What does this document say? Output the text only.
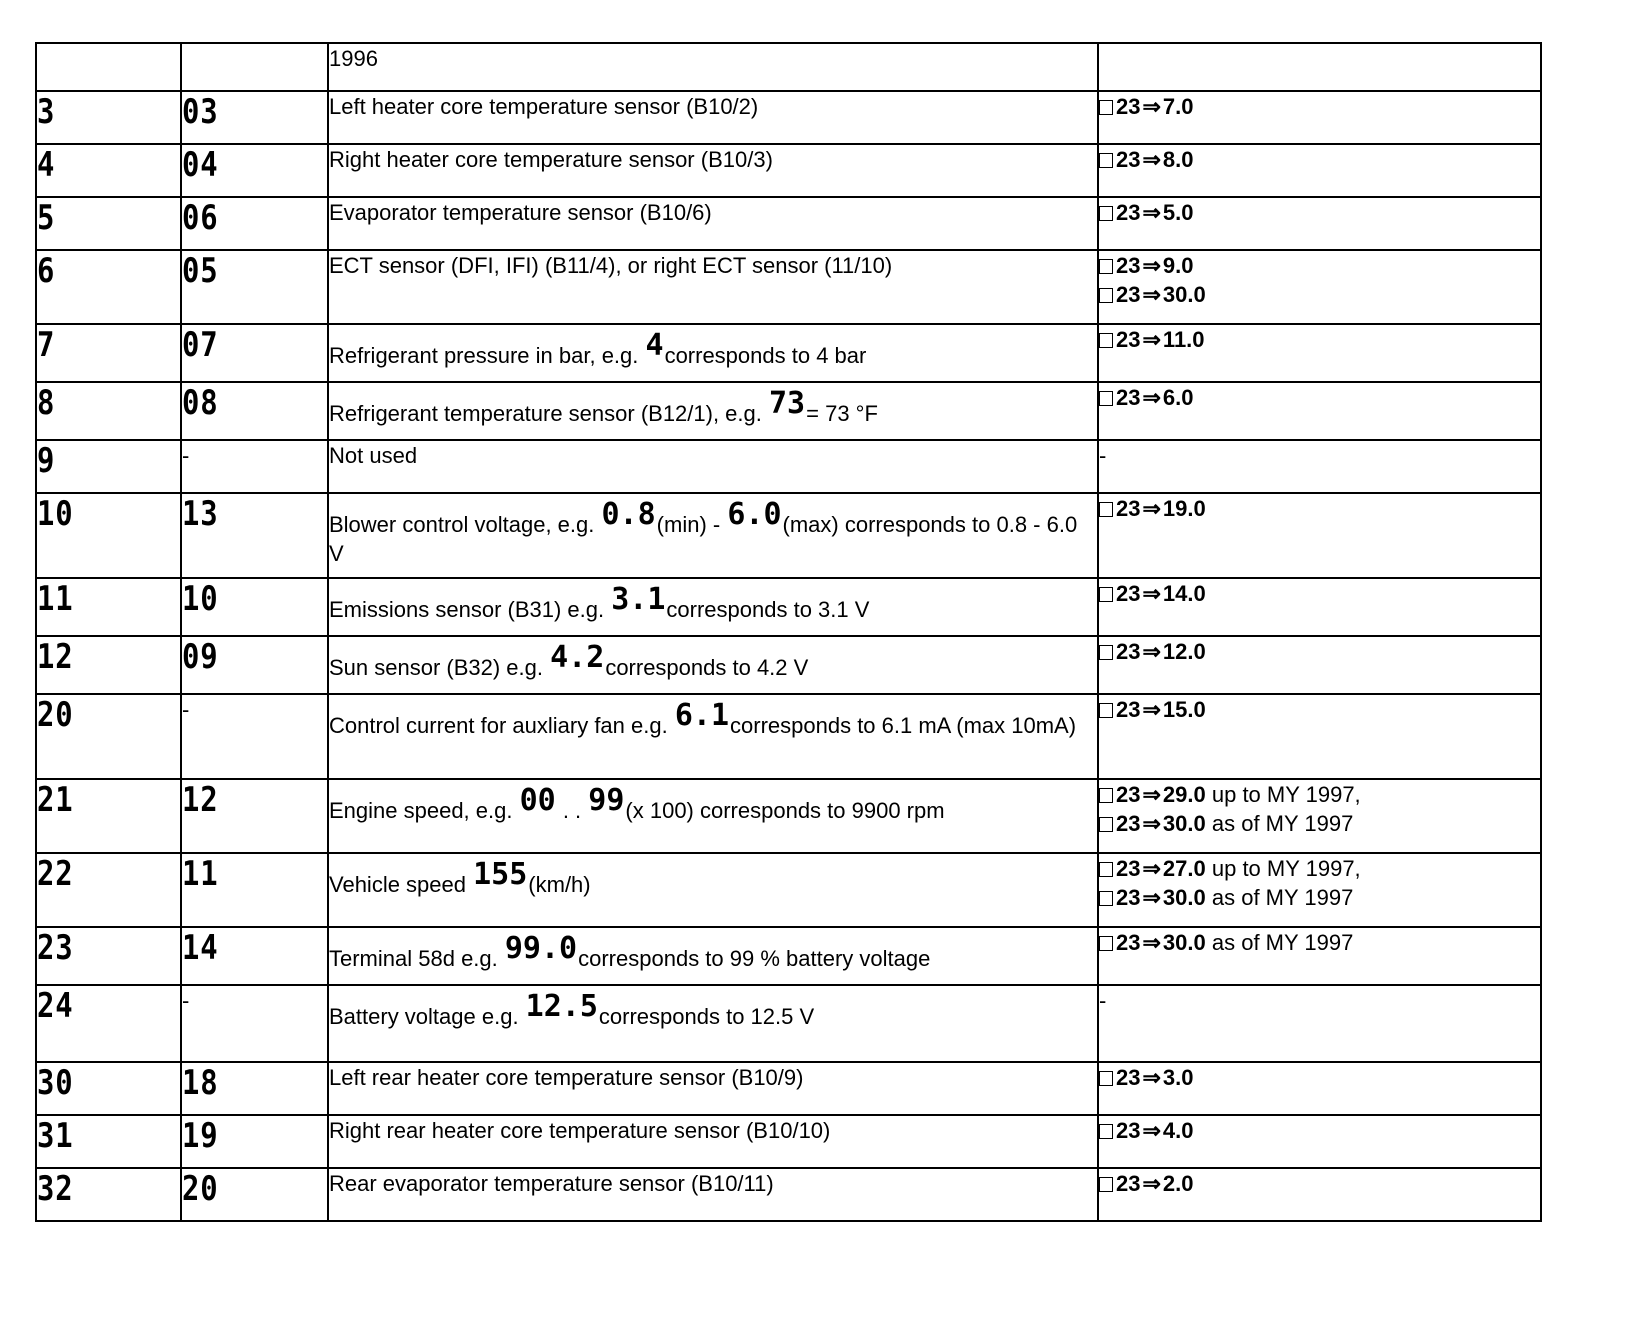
		1996	
3	03	Left heater core temperature sensor (B10/2)	23⇒7.0

4	04	Right heater core temperature sensor (B10/3)	23⇒8.0

5	06	Evaporator temperature sensor (B10/6)	23⇒5.0

6	05	ECT sensor (DFI, IFI) (B11/4), or right ECT sensor (11/10)	23⇒9.0
23⇒30.0

7	07	Refrigerant pressure in bar, e.g. 4corresponds to 4 bar	23⇒11.0

8	08	Refrigerant temperature sensor (B12/1), e.g. 73= 73 °F	23⇒6.0

9	-	Not used	-
10	13	Blower control voltage, e.g. 0.8(min) - 6.0(max) corresponds to 0.8 - 6.0 V	23⇒19.0

11	10	Emissions sensor (B31) e.g. 3.1corresponds to 3.1 V	23⇒14.0

12	09	Sun sensor (B32) e.g. 4.2corresponds to 4.2 V	23⇒12.0

20	-	Control current for auxliary fan e.g. 6.1corresponds to 6.1 mA (max 10mA)	23⇒15.0

21	12	Engine speed, e.g. 00 . . 99(x 100) corresponds to 9900 rpm	23⇒29.0 up to MY 1997,
23⇒30.0 as of MY 1997

22	11	Vehicle speed 155(km/h)	23⇒27.0 up to MY 1997,
23⇒30.0 as of MY 1997

23	14	Terminal 58d e.g. 99.0corresponds to 99 % battery voltage	23⇒30.0 as of MY 1997

24	-	Battery voltage e.g. 12.5corresponds to 12.5 V	-
30	18	Left rear heater core temperature sensor (B10/9)	23⇒3.0

31	19	Right rear heater core temperature sensor (B10/10)	23⇒4.0

32	20	Rear evaporator temperature sensor (B10/11)	23⇒2.0
